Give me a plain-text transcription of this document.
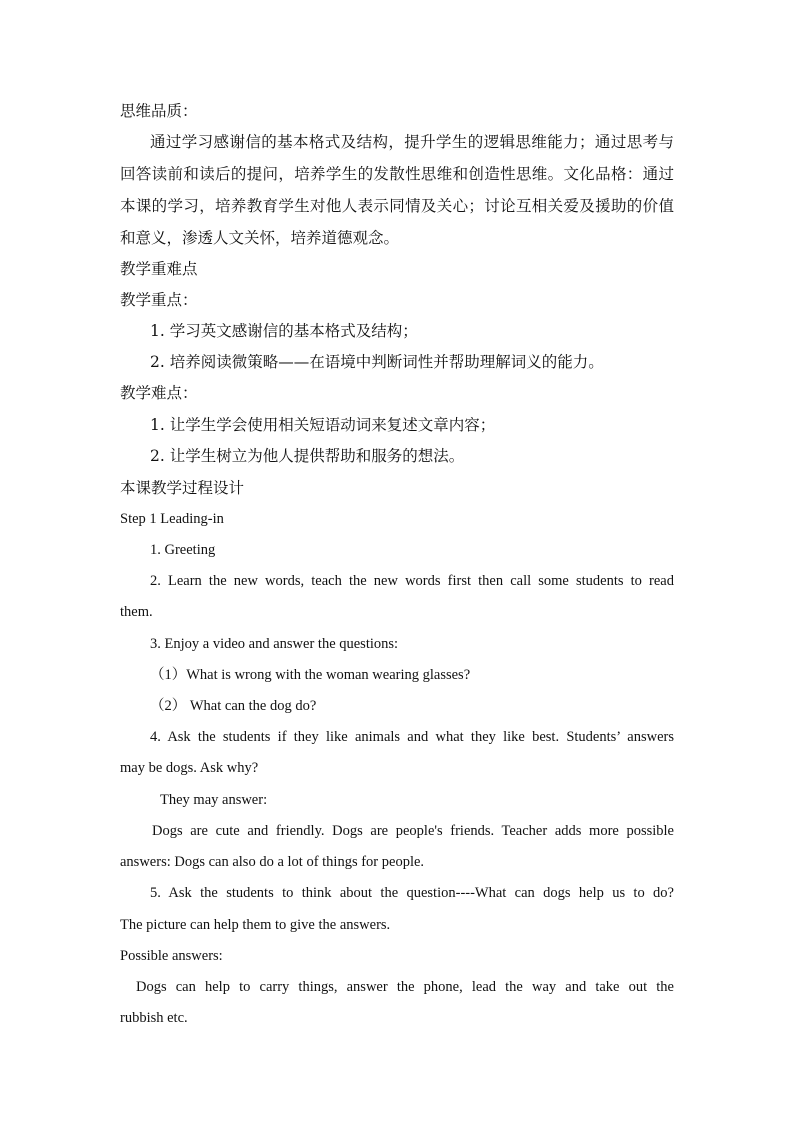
思维品质：

通过学习感谢信的基本格式及结构，提升学生的逻辑思维能力；通过思考与

回答读前和读后的提问，培养学生的发散性思维和创造性思维。文化品格：通过

本课的学习，培养教育学生对他人表示同情及关心；讨论互相关爱及援助的价值

和意义，渗透人文关怀，培养道德观念。

教学重难点

教学重点：

1. 学习英文感谢信的基本格式及结构；

2. 培养阅读微策略——在语境中判断词性并帮助理解词义的能力。

教学难点：

1. 让学生学会使用相关短语动词来复述文章内容；

2. 让学生树立为他人提供帮助和服务的想法。

本课教学过程设计

Step 1 Leading-in

1. Greeting

2. Learn the new words, teach the new words first then call some students to read

them.

3. Enjoy a video and answer the questions:

（1）What is wrong with the woman wearing glasses?

（2） What can the dog do?

4. Ask the students if they like animals and what they like best. Students’ answers

may be dogs. Ask why?

They may answer:

Dogs are cute and friendly. Dogs are people's friends. Teacher adds more possible

answers: Dogs can also do a lot of things for people.

5. Ask the students to think about the question----What can dogs help us to do?

The picture can help them to give the answers.

Possible answers:

Dogs can help to carry things, answer the phone, lead the way and take out the

rubbish etc.
